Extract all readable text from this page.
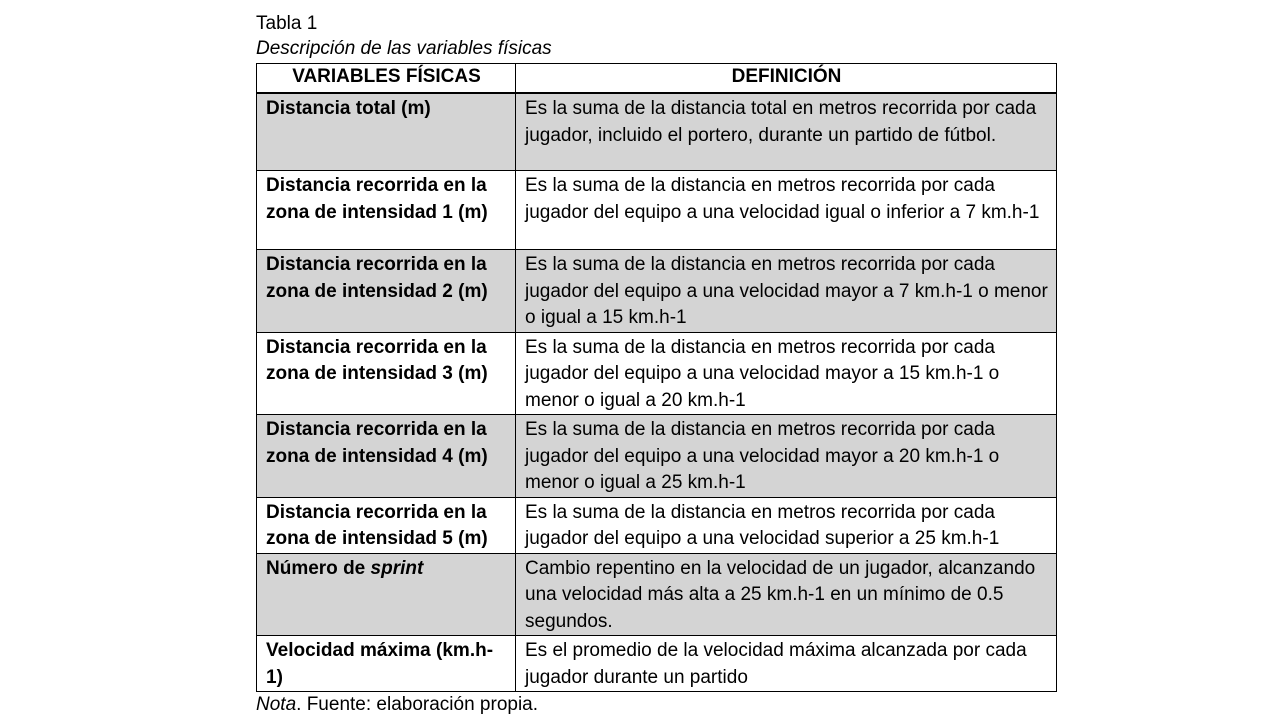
Tabla 1

Descripción de las variables físicas

VARIABLES FÍSICAS	DEFINICIÓN
Distancia total (m)	Es la suma de la distancia total en metros recorrida por cada jugador, incluido el portero, durante un partido de fútbol.
Distancia recorrida en la zona de intensidad 1 (m)	Es la suma de la distancia en metros recorrida por cada jugador del equipo a una velocidad igual o inferior a 7 km.h-1
Distancia recorrida en la zona de intensidad 2 (m)	Es la suma de la distancia en metros recorrida por cada jugador del equipo a una velocidad mayor a 7 km.h-1 o menor o igual a 15 km.h-1
Distancia recorrida en la zona de intensidad 3 (m)	Es la suma de la distancia en metros recorrida por cada jugador del equipo a una velocidad mayor a 15 km.h-1 o menor o igual a 20 km.h-1
Distancia recorrida en la zona de intensidad 4 (m)	Es la suma de la distancia en metros recorrida por cada jugador del equipo a una velocidad mayor a 20 km.h-1 o menor o igual a 25 km.h-1
Distancia recorrida en la zona de intensidad 5 (m)	Es la suma de la distancia en metros recorrida por cada jugador del equipo a una velocidad superior a 25 km.h-1
Número de sprint	Cambio repentino en la velocidad de un jugador, alcanzando una velocidad más alta a 25 km.h-1 en un mínimo de 0.5 segundos.
Velocidad máxima (km.h-1)	Es el promedio de la velocidad máxima alcanzada por cada jugador durante un partido

Nota. Fuente: elaboración propia.
